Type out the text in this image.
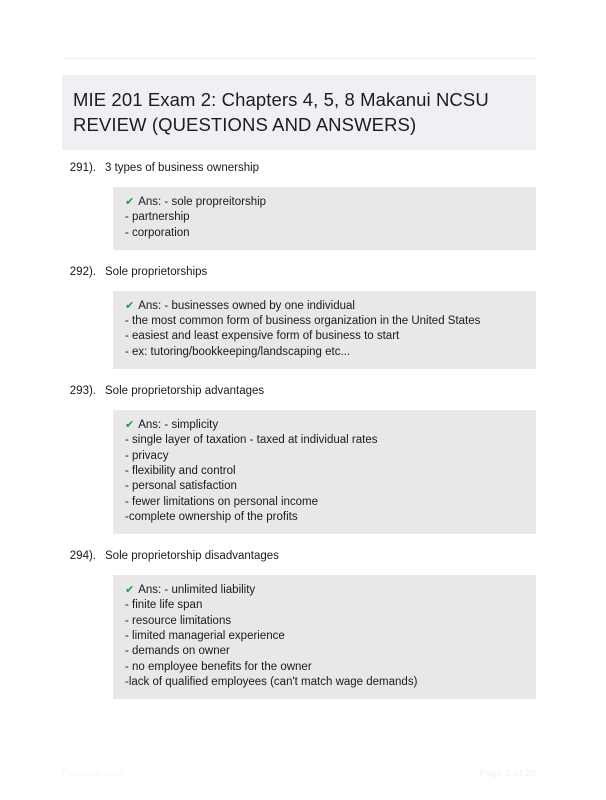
MIE 201 Exam 2: Chapters 4, 5, 8 Makanui NCSU REVIEW (QUESTIONS AND ANSWERS)
291). 3 types of business ownership
✔ Ans: - sole propreitorship
- partnership
- corporation
292). Sole proprietorships
✔ Ans: - businesses owned by one individual
- the most common form of business organization in the United States
- easiest and least expensive form of business to start
- ex: tutoring/bookkeeping/landscaping etc...
293). Sole proprietorship advantages
✔ Ans: - simplicity
- single layer of taxation - taxed at individual rates
- privacy
- flexibility and control
- personal satisfaction
- fewer limitations on personal income
-complete ownership of the profits
294). Sole proprietorship disadvantages
✔ Ans: - unlimited liability
- finite life span
- resource limitations
- limited managerial experience
- demands on owner
- no employee benefits for the owner
-lack of qualified employees (can't match wage demands)
PaperStic.com	Page 1 of 28
